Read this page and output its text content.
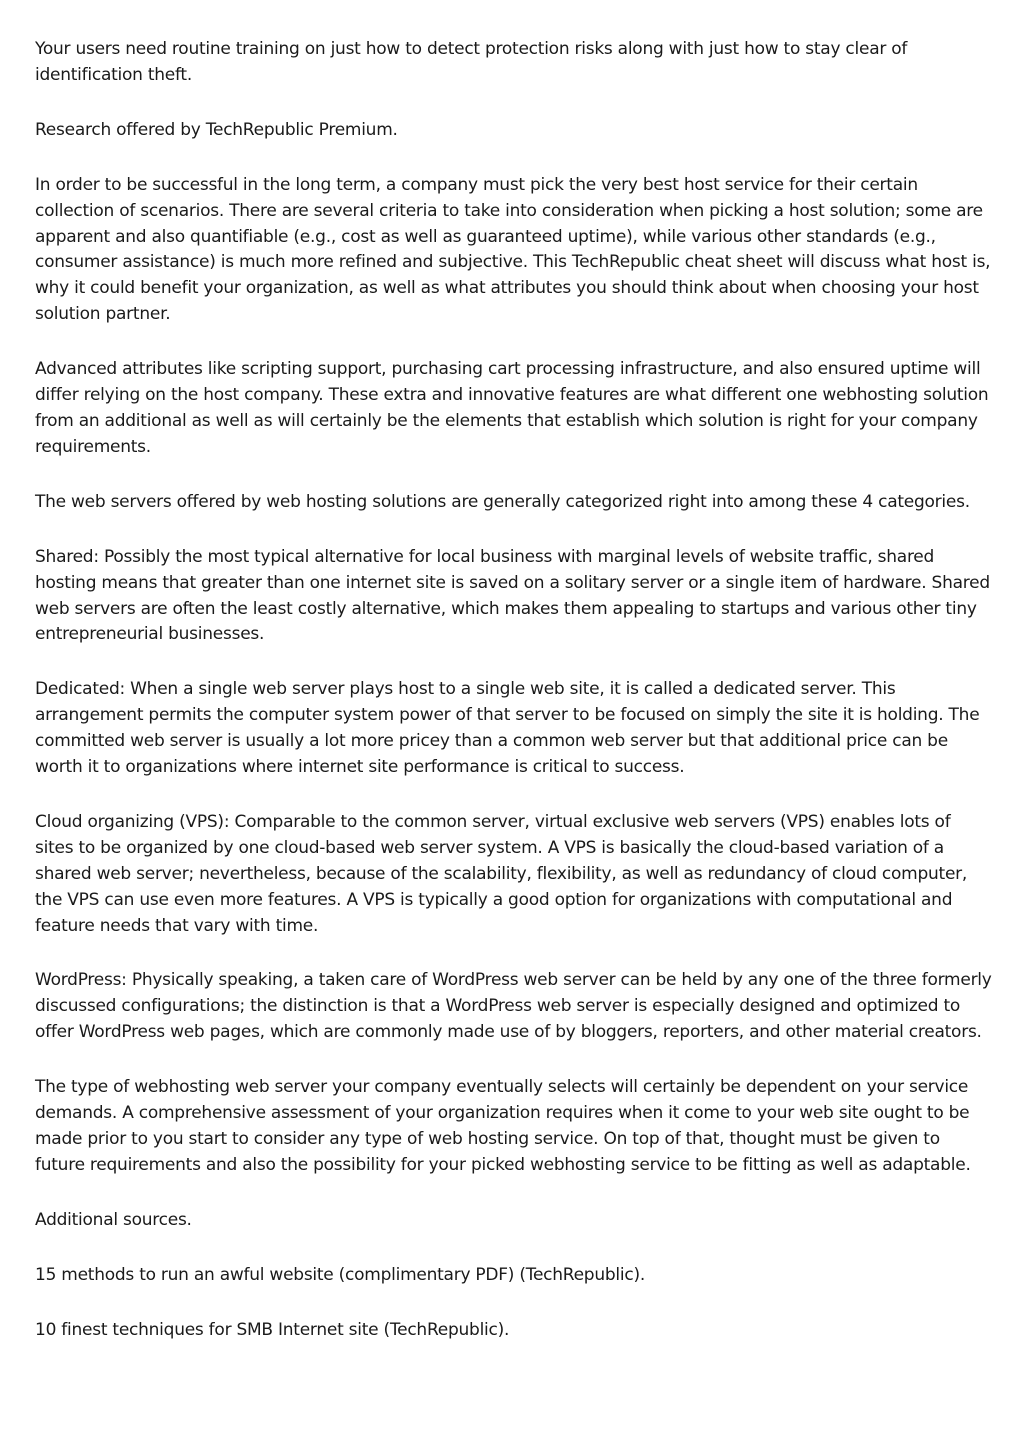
Your users need routine training on just how to detect protection risks along with just how to stay clear of identification theft.

Research offered by TechRepublic Premium.

In order to be successful in the long term, a company must pick the very best host service for their certain collection of scenarios. There are several criteria to take into consideration when picking a host solution; some are apparent and also quantifiable (e.g., cost as well as guaranteed uptime), while various other standards (e.g., consumer assistance) is much more refined and subjective. This TechRepublic cheat sheet will discuss what host is, why it could benefit your organization, as well as what attributes you should think about when choosing your host solution partner.

Advanced attributes like scripting support, purchasing cart processing infrastructure, and also ensured uptime will differ relying on the host company. These extra and innovative features are what different one webhosting solution from an additional as well as will certainly be the elements that establish which solution is right for your company requirements.

The web servers offered by web hosting solutions are generally categorized right into among these 4 categories.

Shared: Possibly the most typical alternative for local business with marginal levels of website traffic, shared hosting means that greater than one internet site is saved on a solitary server or a single item of hardware. Shared web servers are often the least costly alternative, which makes them appealing to startups and various other tiny entrepreneurial businesses.

Dedicated: When a single web server plays host to a single web site, it is called a dedicated server. This arrangement permits the computer system power of that server to be focused on simply the site it is holding. The committed web server is usually a lot more pricey than a common web server but that additional price can be worth it to organizations where internet site performance is critical to success.

Cloud organizing (VPS): Comparable to the common server, virtual exclusive web servers (VPS) enables lots of sites to be organized by one cloud-based web server system. A VPS is basically the cloud-based variation of a shared web server; nevertheless, because of the scalability, flexibility, as well as redundancy of cloud computer, the VPS can use even more features. A VPS is typically a good option for organizations with computational and feature needs that vary with time.

WordPress: Physically speaking, a taken care of WordPress web server can be held by any one of the three formerly discussed configurations; the distinction is that a WordPress web server is especially designed and optimized to offer WordPress web pages, which are commonly made use of by bloggers, reporters, and other material creators.

The type of webhosting web server your company eventually selects will certainly be dependent on your service demands. A comprehensive assessment of your organization requires when it come to your web site ought to be made prior to you start to consider any type of web hosting service. On top of that, thought must be given to future requirements and also the possibility for your picked webhosting service to be fitting as well as adaptable.

Additional sources.

15 methods to run an awful website (complimentary PDF) (TechRepublic).

10 finest techniques for SMB Internet site (TechRepublic).
